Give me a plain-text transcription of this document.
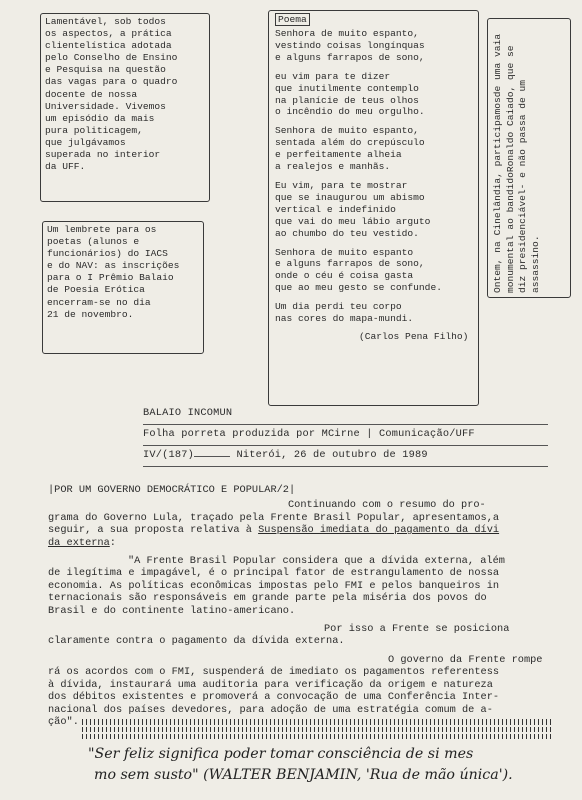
Lamentável, sob todos
os aspectos, a prática
clientelística adotada
pelo Conselho de Ensino
e Pesquisa na questão
das vagas para o quadro
docente de nossa
Universidade. Vivemos
um episódio da mais
pura politicagem,
que julgávamos
superada no interior
da UFF.
Um lembrete para os
poetas (alunos e
funcionários) do IACS
e do NAV: as inscrições
para o I Prêmio Balaio
de Poesia Erótica
encerram-se no dia
21 de novembro.
Poema
Senhora de muito espanto,
vestindo coisas longínquas
e alguns farrapos de sono,
eu vim para te dizer
que inutilmente contemplo
na planície de teus olhos
o incêndio do meu orgulho.
Senhora de muito espanto,
sentada além do crepúsculo
e perfeitamente alheia
a realejos e manhãs.
Eu vim, para te mostrar
que se inaugurou um abismo
vertical e indefinido
que vai do meu lábio arguto
ao chumbo do teu vestido.
Senhora de muito espanto
e alguns farrapos de sono,
onde o céu é coisa gasta
que ao meu gesto se confunde.
Um dia perdi teu corpo
nas cores do mapa-mundi.
(Carlos Pena Filho)
Ontem, na Cinelândia, participamosde uma vaia monumental ao bandidoRonaldo Caiado, que se diz presidenciável- e não passa de um assassino.
BALAIO INCOMUN
Folha porreta produzida por MCirne | Comunicação/UFF
IV/(187)	Niterói, 26 de outubro de 1989
|POR UM GOVERNO DEMOCRÁTICO E POPULAR/2|
Continuando com o resumo do pro-
grama do Governo Lula, traçado pela Frente Brasil Popular, apresentamos,a
seguir, a sua proposta relativa à Suspensão imediata do pagamento da dívi
da externa:
"A Frente Brasil Popular considera que a dívida externa, além
de ilegítima e impagável, é o principal fator de estrangulamento de nossa
economia. As políticas econômicas impostas pelo FMI e pelos banqueiros in
ternacionais são responsáveis em grande parte pela miséria dos povos do
Brasil e do continente latino-americano.
Por isso a Frente se posiciona
claramente contra o pagamento da dívida externa.
O governo da Frente rompe
rá os acordos com o FMI, suspenderá de imediato os pagamentos referentess
à dívida, instaurará uma auditoria para verificação da origem e natureza
dos débitos existentes e promoverá a convocação de uma Conferência Inter-
nacional dos países devedores, para adoção de uma estratégia comum de a-
ção".
"Ser feliz significa poder tomar consciência de si mes
mo sem susto" (WALTER BENJAMIN, 'Rua de mão única').
